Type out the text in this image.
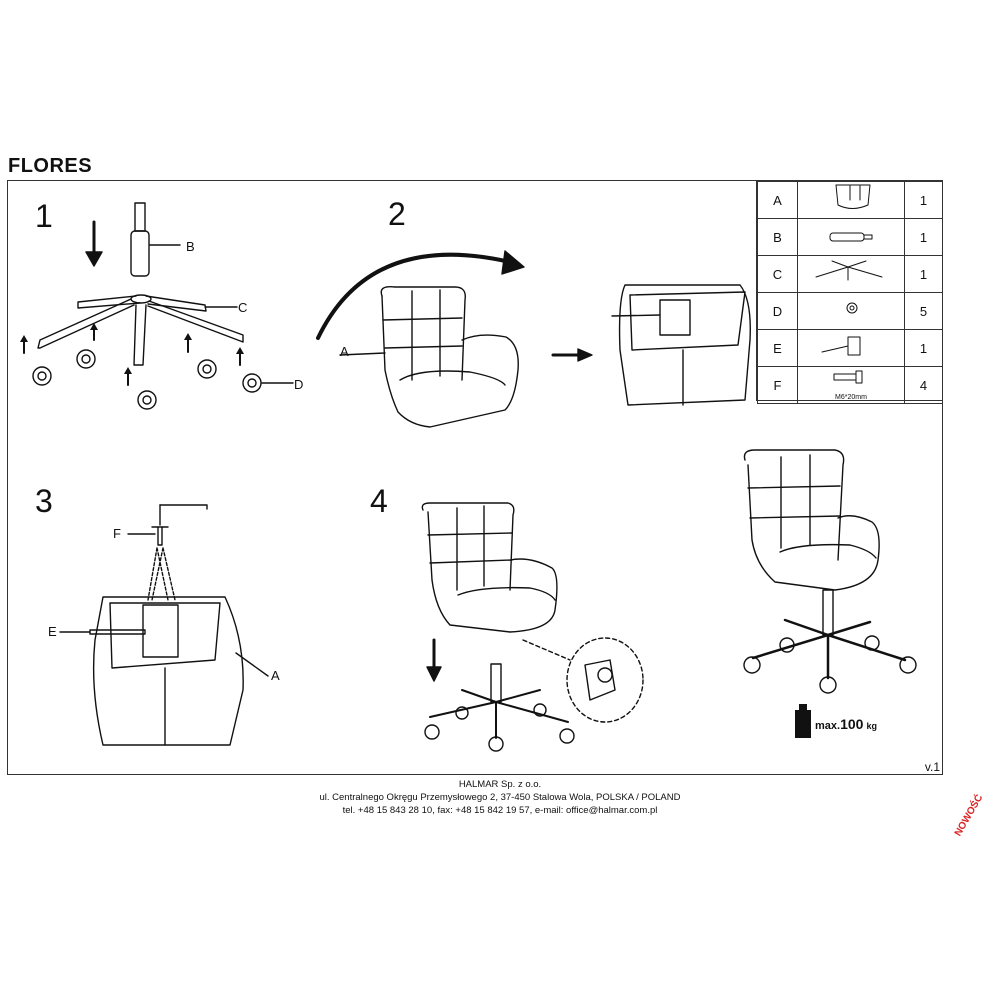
FLORES
1	2
3	4
B
C
D
A
F
E
A
max.100 kg
A		1
B		1
C		1
D		5
E		1
F	M6*20mm	4
v.1
HALMAR Sp. z o.o.
ul. Centralnego Okręgu Przemysłowego 2, 37-450 Stalowa Wola, POLSKA / POLAND
tel. +48 15 843 28 10, fax: +48 15 842 19 57, e-mail: office@halmar.com.pl	NOWOŚĆ
